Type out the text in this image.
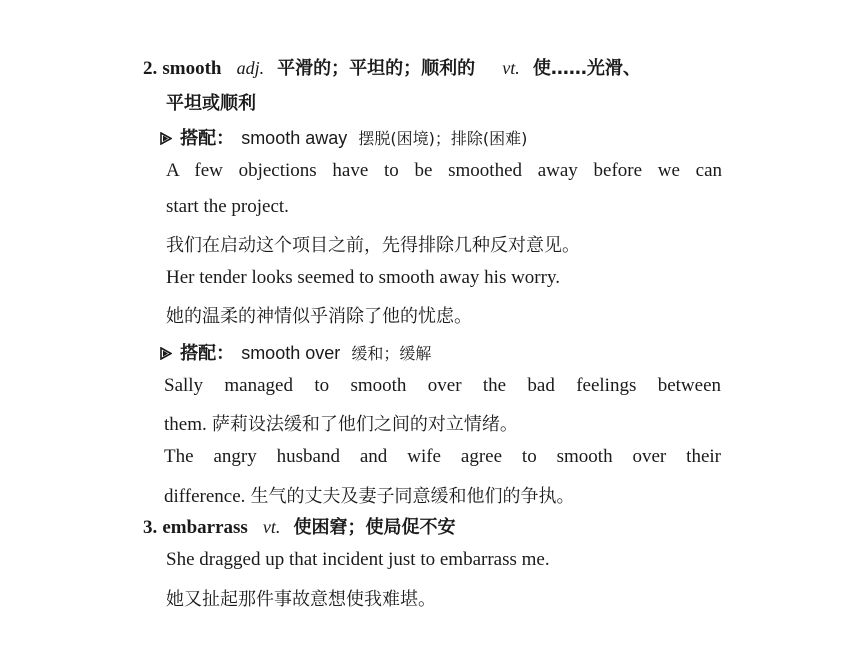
2. smooth adj. 平滑的；平坦的；顺利的 vt. 使……光滑、
平坦或顺利
搭配： smooth away 摆脱(困境)；排除(困难)
A few objections have to be smoothed away before we can
start the project.
我们在启动这个项目之前，先得排除几种反对意见。
Her tender looks seemed to smooth away his worry.
她的温柔的神情似乎消除了他的忧虑。
搭配： smooth over 缓和；缓解
Sally managed to smooth over the bad feelings between
them. 萨莉设法缓和了他们之间的对立情绪。
The angry husband and wife agree to smooth over their
difference. 生气的丈夫及妻子同意缓和他们的争执。
3. embarrass vt. 使困窘；使局促不安
She dragged up that incident just to embarrass me.
她又扯起那件事故意想使我难堪。
